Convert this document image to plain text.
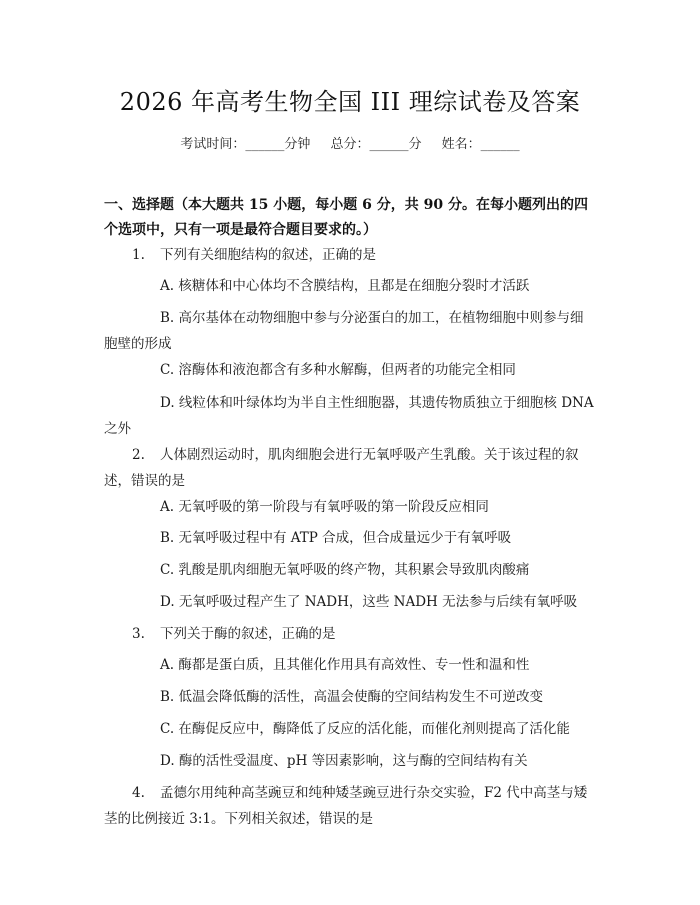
2026 年高考生物全国 III 理综试卷及答案
考试时间：______分钟 总分：______分 姓名：______
一、选择题（本大题共 15 小题，每小题 6 分，共 90 分。在每小题列出的四个选项中，只有一项是最符合题目要求的。）
1. 下列有关细胞结构的叙述，正确的是
A. 核糖体和中心体均不含膜结构，且都是在细胞分裂时才活跃
B. 高尔基体在动物细胞中参与分泌蛋白的加工，在植物细胞中则参与细胞壁的形成
C. 溶酶体和液泡都含有多种水解酶，但两者的功能完全相同
D. 线粒体和叶绿体均为半自主性细胞器，其遗传物质独立于细胞核 DNA 之外
2. 人体剧烈运动时，肌肉细胞会进行无氧呼吸产生乳酸。关于该过程的叙述，错误的是
A. 无氧呼吸的第一阶段与有氧呼吸的第一阶段反应相同
B. 无氧呼吸过程中有 ATP 合成，但合成量远少于有氧呼吸
C. 乳酸是肌肉细胞无氧呼吸的终产物，其积累会导致肌肉酸痛
D. 无氧呼吸过程产生了 NADH，这些 NADH 无法参与后续有氧呼吸
3. 下列关于酶的叙述，正确的是
A. 酶都是蛋白质，且其催化作用具有高效性、专一性和温和性
B. 低温会降低酶的活性，高温会使酶的空间结构发生不可逆改变
C. 在酶促反应中，酶降低了反应的活化能，而催化剂则提高了活化能
D. 酶的活性受温度、pH 等因素影响，这与酶的空间结构有关
4. 孟德尔用纯种高茎豌豆和纯种矮茎豌豆进行杂交实验，F2 代中高茎与矮茎的比例接近 3:1。下列相关叙述，错误的是
